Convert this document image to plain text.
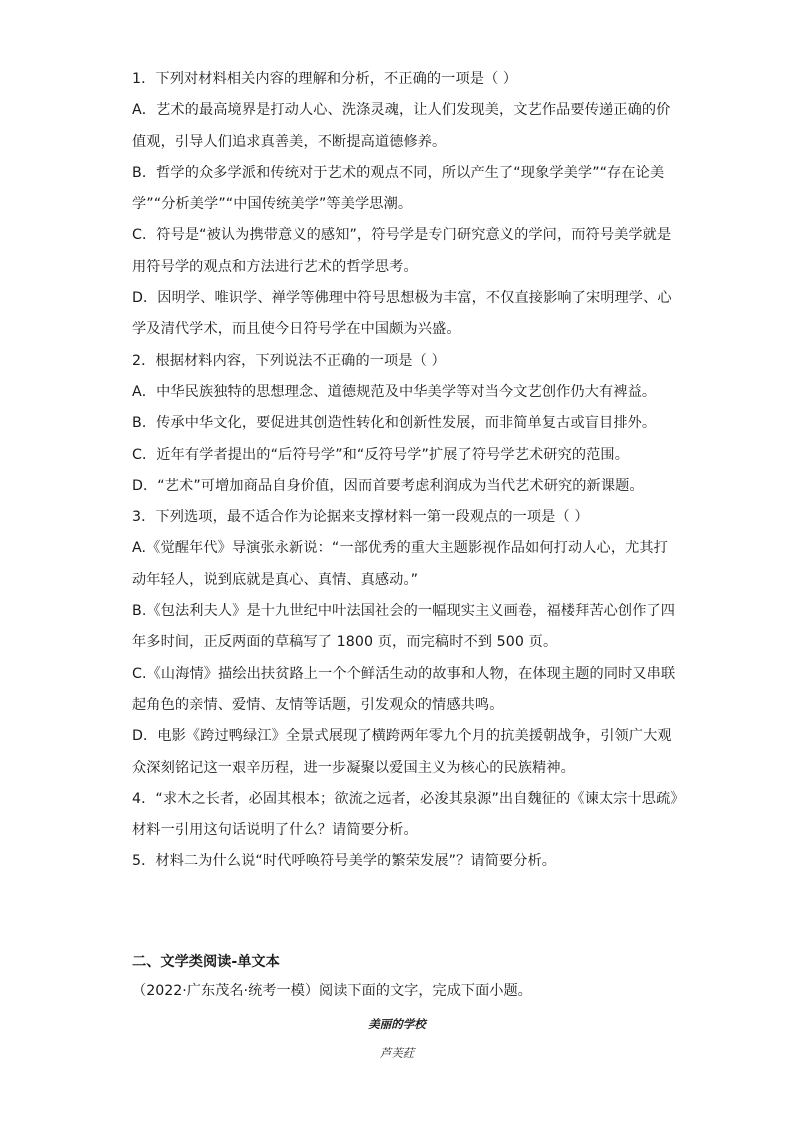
1．下列对材料相关内容的理解和分析，不正确的一项是（ ）
A．艺术的最高境界是打动人心、洗涤灵魂，让人们发现美，文艺作品要传递正确的价
值观，引导人们追求真善美，不断提高道德修养。
B．哲学的众多学派和传统对于艺术的观点不同，所以产生了“现象学美学”“存在论美
学”“分析美学”“中国传统美学”等美学思潮。
C．符号是“被认为携带意义的感知”，符号学是专门研究意义的学问，而符号美学就是
用符号学的观点和方法进行艺术的哲学思考。
D．因明学、唯识学、禅学等佛理中符号思想极为丰富，不仅直接影响了宋明理学、心
学及清代学术，而且使今日符号学在中国颇为兴盛。
2．根据材料内容，下列说法不正确的一项是（ ）
A．中华民族独特的思想理念、道德规范及中华美学等对当今文艺创作仍大有裨益。
B．传承中华文化，要促进其创造性转化和创新性发展，而非简单复古或盲目排外。
C．近年有学者提出的“后符号学”和“反符号学”扩展了符号学艺术研究的范围。
D．“艺术”可增加商品自身价值，因而首要考虑利润成为当代艺术研究的新课题。
3．下列选项，最不适合作为论据来支撑材料一第一段观点的一项是（ ）
A.《觉醒年代》导演张永新说：“一部优秀的重大主题影视作品如何打动人心，尤其打
动年轻人，说到底就是真心、真情、真感动。”
B.《包法利夫人》是十九世纪中叶法国社会的一幅现实主义画卷，福楼拜苦心创作了四
年多时间，正反两面的草稿写了 1800 页，而完稿时不到 500 页。
C.《山海情》描绘出扶贫路上一个个鲜活生动的故事和人物，在体现主题的同时又串联
起角色的亲情、爱情、友情等话题，引发观众的情感共鸣。
D．电影《跨过鸭绿江》全景式展现了横跨两年零九个月的抗美援朝战争，引领广大观
众深刻铭记这一艰辛历程，进一步凝聚以爱国主义为核心的民族精神。
4．“求木之长者，必固其根本；欲流之远者，必浚其泉源”出自魏征的《谏太宗十思疏》
材料一引用这句话说明了什么？请简要分析。
5．材料二为什么说“时代呼唤符号美学的繁荣发展”？请简要分析。
二、文学类阅读-单文本
（2022·广东茂名·统考一模）阅读下面的文字，完成下面小题。
美丽的学校
芦芙荭
